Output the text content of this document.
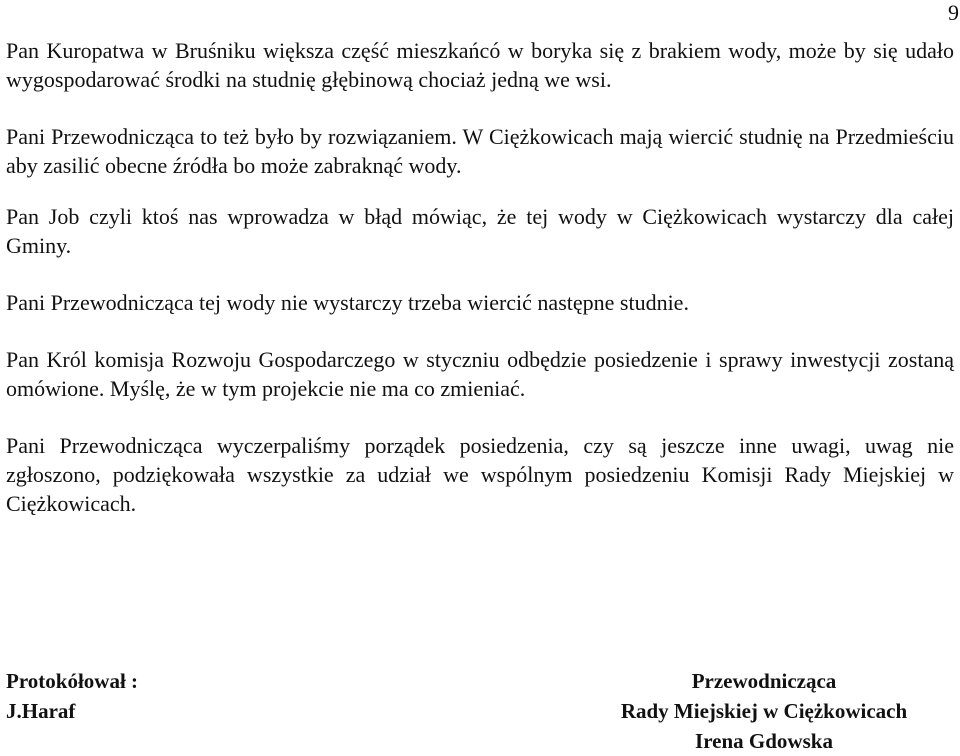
9

Pan Kuropatwa w Bruśniku większa część mieszkańcó w boryka się z brakiem wody, może by się udało wygospodarować środki na studnię głębinową chociaż jedną we wsi.

Pani Przewodnicząca to też było by rozwiązaniem. W Ciężkowicach mają wiercić studnię na Przedmieściu aby zasilić obecne źródła bo może zabraknąć wody.

Pan Job czyli ktoś nas wprowadza w błąd mówiąc, że tej wody w Ciężkowicach wystarczy dla całej Gminy.

Pani Przewodnicząca tej wody nie wystarczy trzeba wiercić następne studnie.

Pan Król komisja Rozwoju Gospodarczego w styczniu odbędzie posiedzenie i sprawy inwestycji zostaną omówione. Myślę, że w tym projekcie nie ma co zmieniać.

Pani Przewodnicząca wyczerpaliśmy porządek posiedzenia, czy są jeszcze inne uwagi, uwag nie zgłoszono, podziękowała wszystkie za udział we wspólnym posiedzeniu Komisji Rady Miejskiej w Ciężkowicach.

Protokółował :
J.Haraf
Przewodnicząca
Rady Miejskiej w Ciężkowicach
Irena Gdowska
